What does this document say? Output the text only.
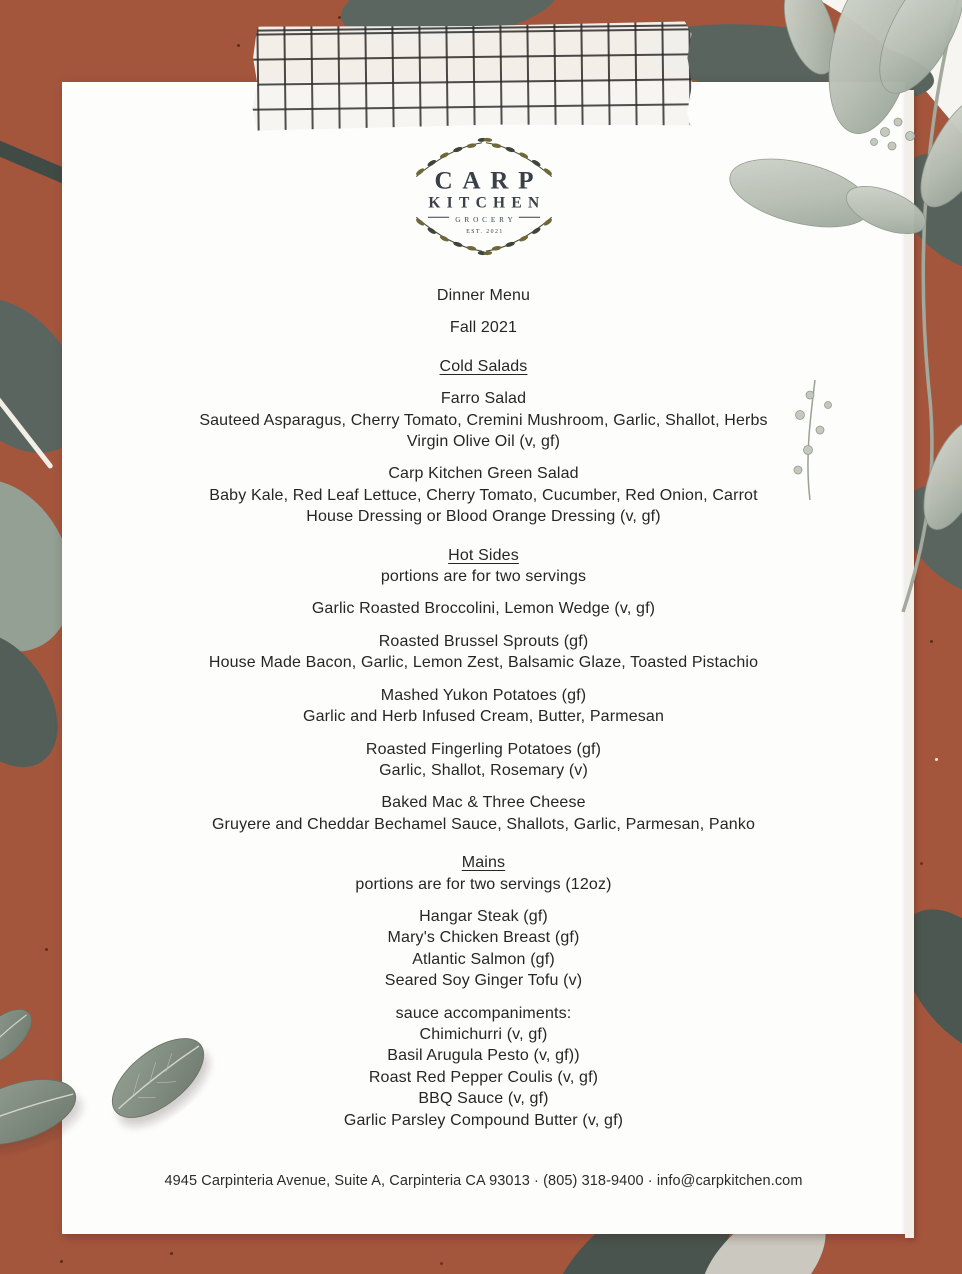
CARP
KITCHEN
GROCERY
EST. 2021
Dinner Menu
Fall 2021
Cold Salads
Farro Salad
Sauteed Asparagus, Cherry Tomato, Cremini Mushroom, Garlic, Shallot, Herbs
Virgin Olive Oil (v, gf)
Carp Kitchen Green Salad
Baby Kale, Red Leaf Lettuce, Cherry Tomato, Cucumber, Red Onion, Carrot
House Dressing or Blood Orange Dressing (v, gf)
Hot Sides
portions are for two servings
Garlic Roasted Broccolini, Lemon Wedge (v, gf)
Roasted Brussel Sprouts (gf)
House Made Bacon, Garlic, Lemon Zest, Balsamic Glaze, Toasted Pistachio
Mashed Yukon Potatoes (gf)
Garlic and Herb Infused Cream, Butter, Parmesan
Roasted Fingerling Potatoes (gf)
Garlic, Shallot, Rosemary (v)
Baked Mac & Three Cheese
Gruyere and Cheddar Bechamel Sauce, Shallots, Garlic, Parmesan, Panko
Mains
portions are for two servings (12oz)
Hangar Steak (gf)
Mary's Chicken Breast (gf)
Atlantic Salmon (gf)
Seared Soy Ginger Tofu (v)
sauce accompaniments:
Chimichurri (v, gf)
Basil Arugula Pesto (v, gf))
Roast Red Pepper Coulis (v, gf)
BBQ Sauce (v, gf)
Garlic Parsley Compound Butter (v, gf)
4945 Carpinteria Avenue, Suite A, Carpinteria CA 93013 · (805) 318-9400 · info@carpkitchen.com
